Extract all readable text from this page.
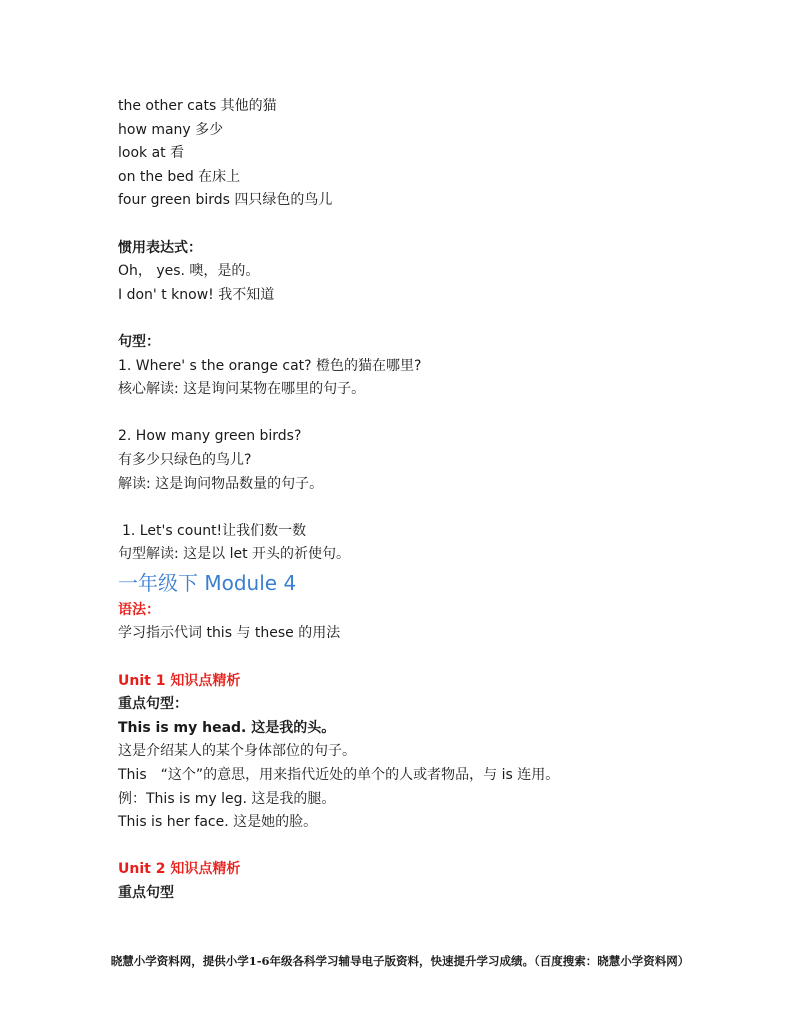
the other cats 其他的猫
how many 多少
look at 看
on the bed 在床上
four green birds 四只绿色的鸟儿
惯用表达式：
Oh， yes. 噢，是的。
I don' t know! 我不知道
句型：
1. Where' s the orange cat? 橙色的猫在哪里?
核心解读: 这是询问某物在哪里的句子。
2. How many green birds?
有多少只绿色的鸟儿?
解读: 这是询问物品数量的句子。
1. Let's count!让我们数一数
句型解读: 这是以 let 开头的祈使句。
一年级下 Module 4
语法：
学习指示代词 this 与 these 的用法
Unit 1 知识点精析
重点句型：
This is my head. 这是我的头。
这是介绍某人的某个身体部位的句子。
This　“这个”的意思，用来指代近处的单个的人或者物品，与 is 连用。
例：This is my leg. 这是我的腿。
This is her face. 这是她的脸。
Unit 2 知识点精析
重点句型
晓慧小学资料网，提供小学1-6年级各科学习辅导电子版资料，快速提升学习成绩。（百度搜索：晓慧小学资料网）
